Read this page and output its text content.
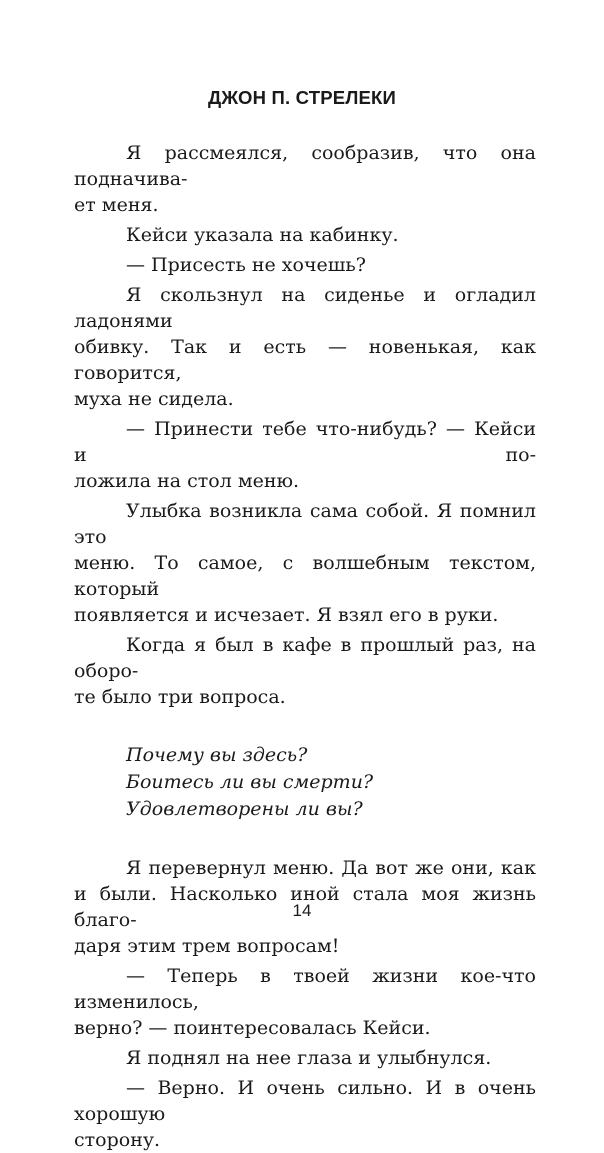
ДЖОН П. СТРЕЛЕКИ
Я рассмеялся, сообразив, что она подначива-
ет меня.
Кейси указала на кабинку.
— Присесть не хочешь?
Я скользнул на сиденье и огладил ладонями
обивку. Так и есть — новенькая, как говорится,
муха не сидела.
— Принести тебе что-нибудь? — Кейси и по-
ложила на стол меню.
Улыбка возникла сама собой. Я помнил это
меню. То самое, с волшебным текстом, который
появляется и исчезает. Я взял его в руки.
Когда я был в кафе в прошлый раз, на оборо-
те было три вопроса.
Почему вы здесь?
Боитесь ли вы смерти?
Удовлетворены ли вы?
Я перевернул меню. Да вот же они, как
и были. Насколько иной стала моя жизнь благо-
даря этим трем вопросам!
— Теперь в твоей жизни кое-что изменилось,
верно? — поинтересовалась Кейси.
Я поднял на нее глаза и улыбнулся.
— Верно. И очень сильно. И в очень хорошую
сторону.
14
